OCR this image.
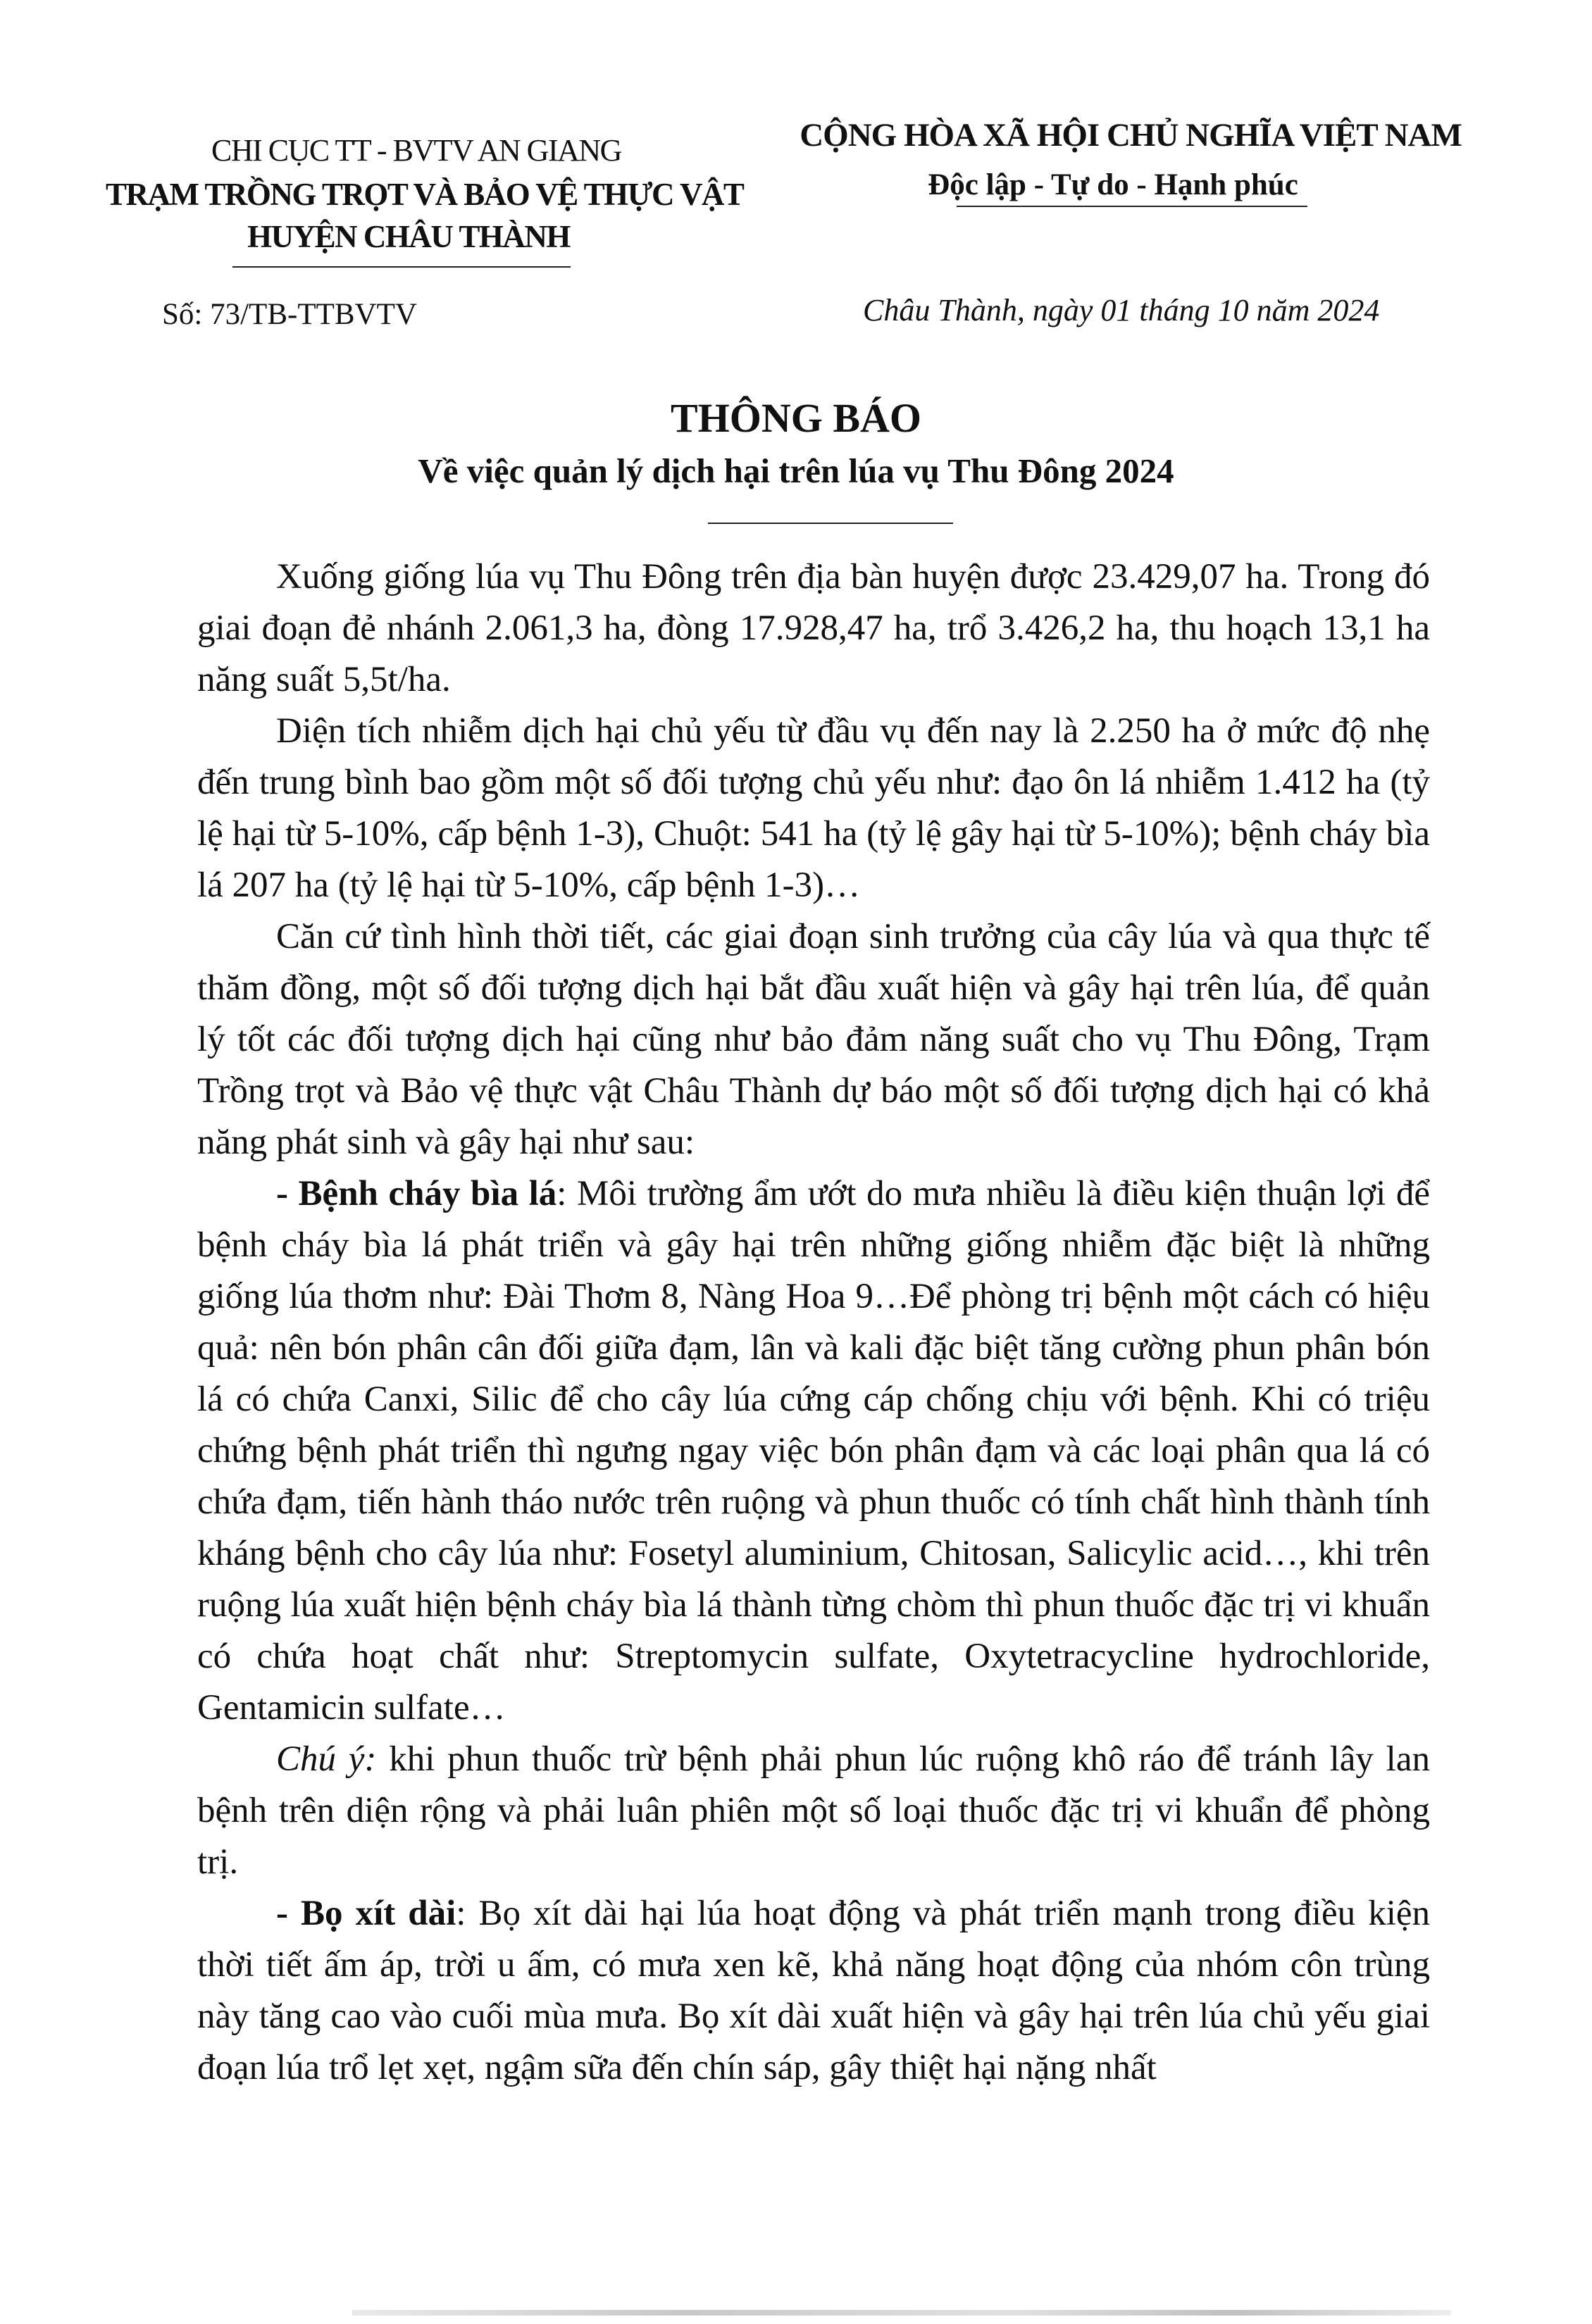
CHI CỤC TT - BVTV AN GIANG
TRẠM TRỒNG TRỌT VÀ BẢO VỆ THỰC VẬT
HUYỆN CHÂU THÀNH
Số: 73/TB-TTBVTV
CỘNG HÒA XÃ HỘI CHỦ NGHĨA VIỆT NAM
Độc lập - Tự do - Hạnh phúc
Châu Thành, ngày 01 tháng 10 năm 2024
THÔNG BÁO
Về việc quản lý dịch hại trên lúa vụ Thu Đông 2024

Xuống giống lúa vụ Thu Đông trên địa bàn huyện được 23.429,07 ha. Trong đó giai đoạn đẻ nhánh 2.061,3 ha, đòng 17.928,47 ha, trổ 3.426,2 ha, thu hoạch 13,1 ha năng suất 5,5t/ha.

Diện tích nhiễm dịch hại chủ yếu từ đầu vụ đến nay là 2.250 ha ở mức độ nhẹ đến trung bình bao gồm một số đối tượng chủ yếu như: đạo ôn lá nhiễm 1.412 ha (tỷ lệ hại từ 5-10%, cấp bệnh 1-3), Chuột: 541 ha (tỷ lệ gây hại từ 5-10%); bệnh cháy bìa lá 207 ha (tỷ lệ hại từ 5-10%, cấp bệnh 1-3)…

Căn cứ tình hình thời tiết, các giai đoạn sinh trưởng của cây lúa và qua thực tế thăm đồng, một số đối tượng dịch hại bắt đầu xuất hiện và gây hại trên lúa, để quản lý tốt các đối tượng dịch hại cũng như bảo đảm năng suất cho vụ Thu Đông, Trạm Trồng trọt và Bảo vệ thực vật Châu Thành dự báo một số đối tượng dịch hại có khả năng phát sinh và gây hại như sau:

- Bệnh cháy bìa lá: Môi trường ẩm ướt do mưa nhiều là điều kiện thuận lợi để bệnh cháy bìa lá phát triển và gây hại trên những giống nhiễm đặc biệt là những giống lúa thơm như: Đài Thơm 8, Nàng Hoa 9…Để phòng trị bệnh một cách có hiệu quả: nên bón phân cân đối giữa đạm, lân và kali đặc biệt tăng cường phun phân bón lá có chứa Canxi, Silic để cho cây lúa cứng cáp chống chịu với bệnh. Khi có triệu chứng bệnh phát triển thì ngưng ngay việc bón phân đạm và các loại phân qua lá có chứa đạm, tiến hành tháo nước trên ruộng và phun thuốc có tính chất hình thành tính kháng bệnh cho cây lúa như: Fosetyl aluminium, Chitosan, Salicylic acid…, khi trên ruộng lúa xuất hiện bệnh cháy bìa lá thành từng chòm thì phun thuốc đặc trị vi khuẩn có chứa hoạt chất như: Streptomycin sulfate, Oxytetracycline hydrochloride, Gentamicin sulfate…

Chú ý: khi phun thuốc trừ bệnh phải phun lúc ruộng khô ráo để tránh lây lan bệnh trên diện rộng và phải luân phiên một số loại thuốc đặc trị vi khuẩn để phòng trị.

- Bọ xít dài: Bọ xít dài hại lúa hoạt động và phát triển mạnh trong điều kiện thời tiết ấm áp, trời u ấm, có mưa xen kẽ, khả năng hoạt động của nhóm côn trùng này tăng cao vào cuối mùa mưa. Bọ xít dài xuất hiện và gây hại trên lúa chủ yếu giai đoạn lúa trổ lẹt xẹt, ngậm sữa đến chín sáp, gây thiệt hại nặng nhất
